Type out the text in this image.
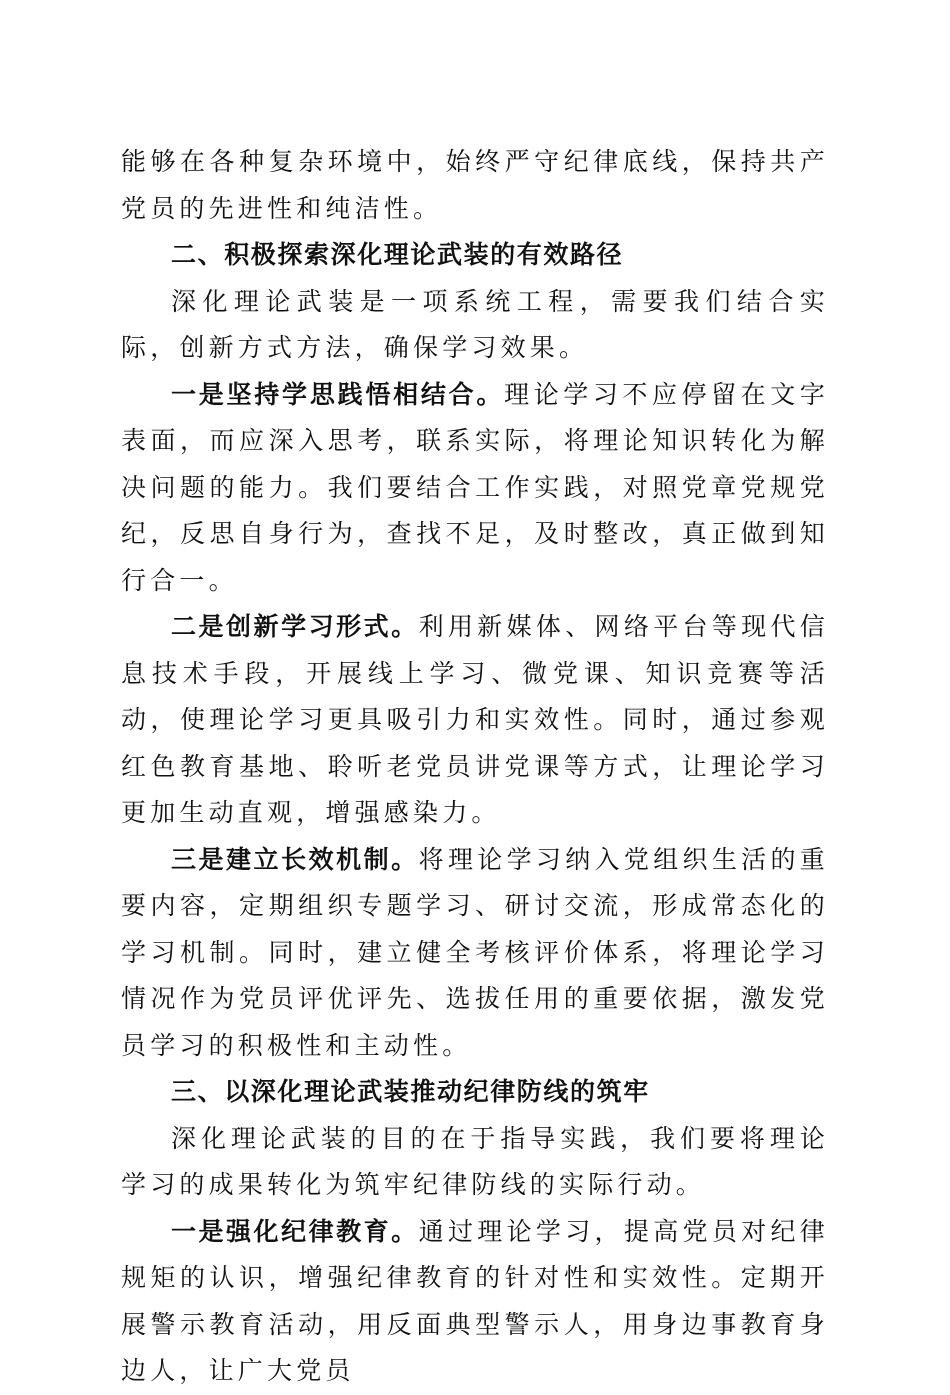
能够在各种复杂环境中，始终严守纪律底线，保持共产党员的先进性和纯洁性。

二、积极探索深化理论武装的有效路径

深化理论武装是一项系统工程，需要我们结合实际，创新方式方法，确保学习效果。

一是坚持学思践悟相结合。理论学习不应停留在文字表面，而应深入思考，联系实际，将理论知识转化为解决问题的能力。我们要结合工作实践，对照党章党规党纪，反思自身行为，查找不足，及时整改，真正做到知行合一。

二是创新学习形式。利用新媒体、网络平台等现代信息技术手段，开展线上学习、微党课、知识竞赛等活动，使理论学习更具吸引力和实效性。同时，通过参观红色教育基地、聆听老党员讲党课等方式，让理论学习更加生动直观，增强感染力。

三是建立长效机制。将理论学习纳入党组织生活的重要内容，定期组织专题学习、研讨交流，形成常态化的学习机制。同时，建立健全考核评价体系，将理论学习情况作为党员评优评先、选拔任用的重要依据，激发党员学习的积极性和主动性。

三、以深化理论武装推动纪律防线的筑牢

深化理论武装的目的在于指导实践，我们要将理论学习的成果转化为筑牢纪律防线的实际行动。

一是强化纪律教育。通过理论学习，提高党员对纪律规矩的认识，增强纪律教育的针对性和实效性。定期开展警示教育活动，用反面典型警示人，用身边事教育身边人，让广大党员
